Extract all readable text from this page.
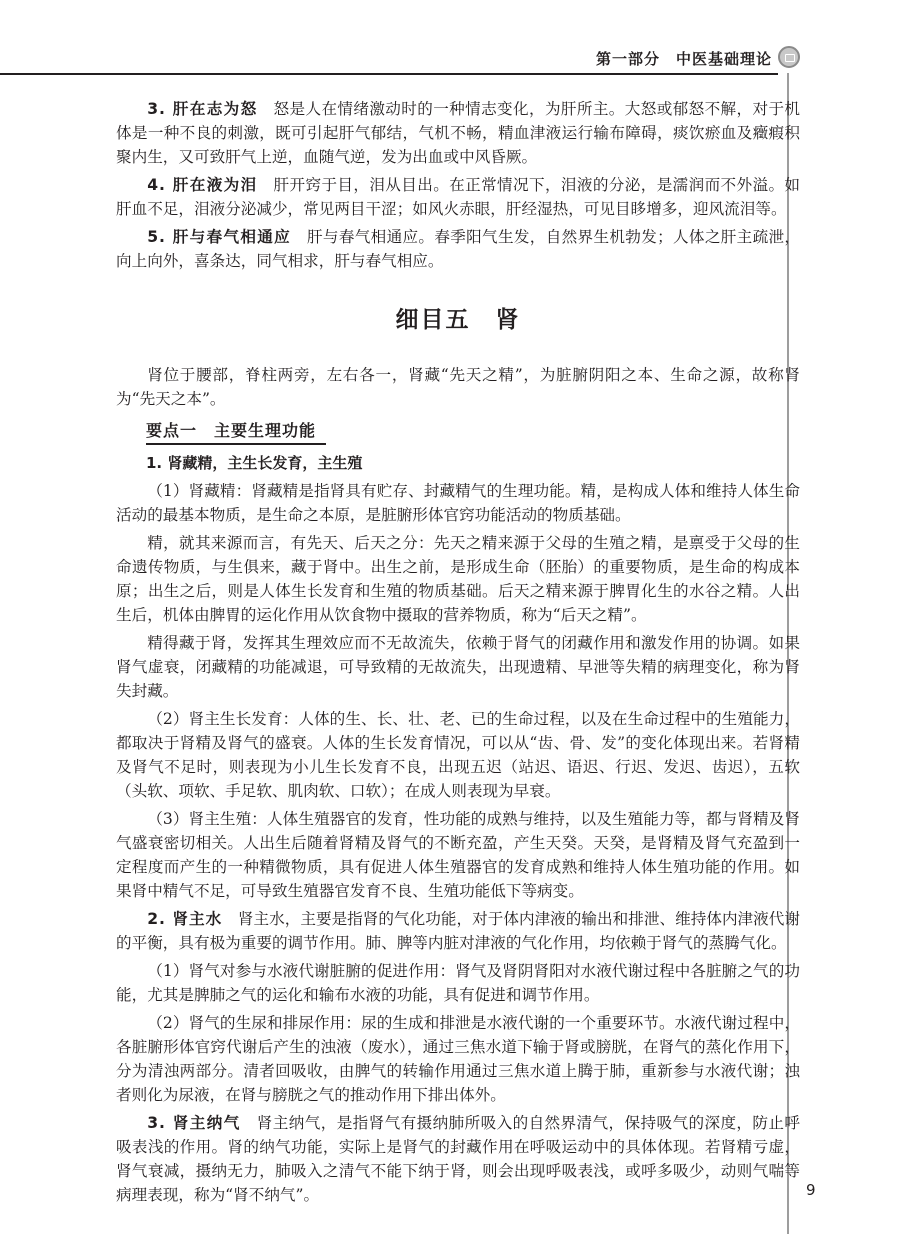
第一部分　中医基础理论

3. 肝在志为怒　怒是人在情绪激动时的一种情志变化，为肝所主。大怒或郁怒不解，对于机体是一种不良的刺激，既可引起肝气郁结，气机不畅，精血津液运行输布障碍，痰饮瘀血及癥瘕积聚内生，又可致肝气上逆，血随气逆，发为出血或中风昏厥。

4. 肝在液为泪　肝开窍于目，泪从目出。在正常情况下，泪液的分泌，是濡润而不外溢。如肝血不足，泪液分泌减少，常见两目干涩；如风火赤眼，肝经湿热，可见目眵增多，迎风流泪等。

5. 肝与春气相通应　肝与春气相通应。春季阳气生发，自然界生机勃发；人体之肝主疏泄，向上向外，喜条达，同气相求，肝与春气相应。

细目五　肾

肾位于腰部，脊柱两旁，左右各一，肾藏“先天之精”，为脏腑阴阳之本、生命之源，故称肾为“先天之本”。

要点一　主要生理功能
1. 肾藏精，主生长发育，主生殖

（1）肾藏精：肾藏精是指肾具有贮存、封藏精气的生理功能。精，是构成人体和维持人体生命活动的最基本物质，是生命之本原，是脏腑形体官窍功能活动的物质基础。

精，就其来源而言，有先天、后天之分：先天之精来源于父母的生殖之精，是禀受于父母的生命遗传物质，与生俱来，藏于肾中。出生之前，是形成生命（胚胎）的重要物质，是生命的构成本原；出生之后，则是人体生长发育和生殖的物质基础。后天之精来源于脾胃化生的水谷之精。人出生后，机体由脾胃的运化作用从饮食物中摄取的营养物质，称为“后天之精”。

精得藏于肾，发挥其生理效应而不无故流失，依赖于肾气的闭藏作用和激发作用的协调。如果肾气虚衰，闭藏精的功能减退，可导致精的无故流失，出现遗精、早泄等失精的病理变化，称为肾失封藏。

（2）肾主生长发育：人体的生、长、壮、老、已的生命过程，以及在生命过程中的生殖能力，都取决于肾精及肾气的盛衰。人体的生长发育情况，可以从“齿、骨、发”的变化体现出来。若肾精及肾气不足时，则表现为小儿生长发育不良，出现五迟（站迟、语迟、行迟、发迟、齿迟），五软（头软、项软、手足软、肌肉软、口软）；在成人则表现为早衰。

（3）肾主生殖：人体生殖器官的发育，性功能的成熟与维持，以及生殖能力等，都与肾精及肾气盛衰密切相关。人出生后随着肾精及肾气的不断充盈，产生天癸。天癸，是肾精及肾气充盈到一定程度而产生的一种精微物质，具有促进人体生殖器官的发育成熟和维持人体生殖功能的作用。如果肾中精气不足，可导致生殖器官发育不良、生殖功能低下等病变。

2. 肾主水　肾主水，主要是指肾的气化功能，对于体内津液的输出和排泄、维持体内津液代谢的平衡，具有极为重要的调节作用。肺、脾等内脏对津液的气化作用，均依赖于肾气的蒸腾气化。

（1）肾气对参与水液代谢脏腑的促进作用：肾气及肾阴肾阳对水液代谢过程中各脏腑之气的功能，尤其是脾肺之气的运化和输布水液的功能，具有促进和调节作用。

（2）肾气的生尿和排尿作用：尿的生成和排泄是水液代谢的一个重要环节。水液代谢过程中，各脏腑形体官窍代谢后产生的浊液（废水），通过三焦水道下输于肾或膀胱，在肾气的蒸化作用下，分为清浊两部分。清者回吸收，由脾气的转输作用通过三焦水道上腾于肺，重新参与水液代谢；浊者则化为尿液，在肾与膀胱之气的推动作用下排出体外。

3. 肾主纳气　肾主纳气，是指肾气有摄纳肺所吸入的自然界清气，保持吸气的深度，防止呼吸表浅的作用。肾的纳气功能，实际上是肾气的封藏作用在呼吸运动中的具体体现。若肾精亏虚，肾气衰减，摄纳无力，肺吸入之清气不能下纳于肾，则会出现呼吸表浅，或呼多吸少，动则气喘等病理表现，称为“肾不纳气”。	9
